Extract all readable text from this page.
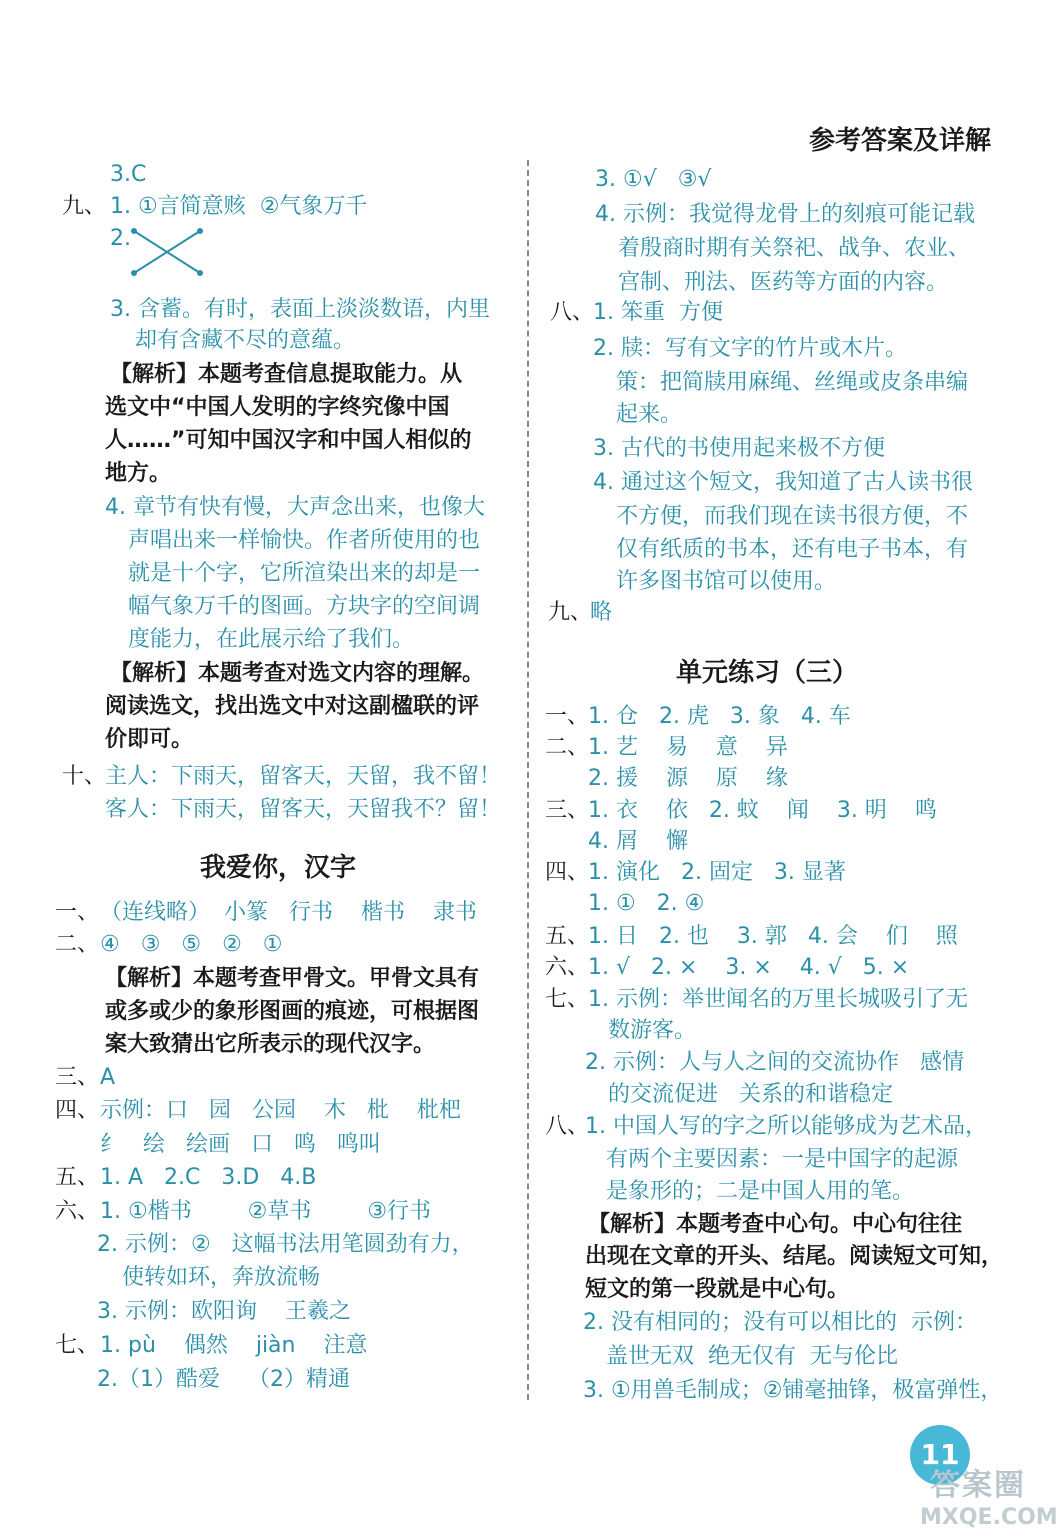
参考答案及详解
3.C
九、 1. ①言简意赅  ②气象万千
2.
3. 含蓄。有时，表面上淡淡数语，内里
却有含藏不尽的意蕴。
【解析】本题考查信息提取能力。从
选文中“中国人发明的字终究像中国
人……”可知中国汉字和中国人相似的
地方。
4. 章节有快有慢，大声念出来，也像大
声唱出来一样愉快。作者所使用的也
就是十个字，它所渲染出来的却是一
幅气象万千的图画。方块字的空间调
度能力，在此展示给了我们。
【解析】本题考查对选文内容的理解。
阅读选文，找出选文中对这副楹联的评
价即可。
十、
主人：下雨天，留客天，天留，我不留！
客人：下雨天，留客天，天留我不？留！
我爱你，汉字
一、 （连线略）  小篆   行书    楷书    隶书
二、 ④   ③   ⑤   ②   ①
【解析】本题考查甲骨文。甲骨文具有
或多或少的象形图画的痕迹，可根据图
案大致猜出它所表示的现代汉字。
三、 A
四、 示例：口   园   公园    木   枇    枇杷
纟   绘   绘画   口   鸣   鸣叫
五、 1. A   2.C   3.D   4.B
六、 1. ①楷书        ②草书        ③行书
2. 示例：②   这幅书法用笔圆劲有力，
使转如环，奔放流畅
3. 示例：欧阳询    王羲之
七、 1. pù    偶然    jiàn    注意
2.（1）酷爱    （2）精通
3. ①√   ③√
4. 示例：我觉得龙骨上的刻痕可能记载
着殷商时期有关祭祀、战争、农业、
宫制、刑法、医药等方面的内容。
八、
1. 笨重  方便
2. 牍：写有文字的竹片或木片。
策：把简牍用麻绳、丝绳或皮条串编
起来。
3. 古代的书使用起来极不方便
4. 通过这个短文，我知道了古人读书很
不方便，而我们现在读书很方便，不
仅有纸质的书本，还有电子书本，有
许多图书馆可以使用。
九、
略
单元练习（三）
一、
1. 仓   2. 虎   3. 象   4. 车
二、
1. 艺    易    意    异
2. 援    源    原    缘
三、
1. 衣    依   2. 蚊    闻    3. 明    鸣
4. 屑    懈
四、
1. 演化   2. 固定   3. 显著
1. ①   2. ④
五、
1. 日   2. 也    3. 郭   4. 会    们    照
六、
1. √   2. ×    3. ×    4. √   5. ×
七、
1. 示例：举世闻名的万里长城吸引了无
数游客。
2. 示例：人与人之间的交流协作   感情
的交流促进   关系的和谐稳定
八、
1. 中国人写的字之所以能够成为艺术品，
有两个主要因素：一是中国字的起源
是象形的；二是中国人用的笔。
【解析】本题考查中心句。中心句往往
出现在文章的开头、结尾。阅读短文可知，
短文的第一段就是中心句。
2. 没有相同的；没有可以相比的  示例：
盖世无双  绝无仅有  无与伦比
3. ①用兽毛制成；②铺毫抽锋，极富弹性，
11
答案圈
MXQE.COM
